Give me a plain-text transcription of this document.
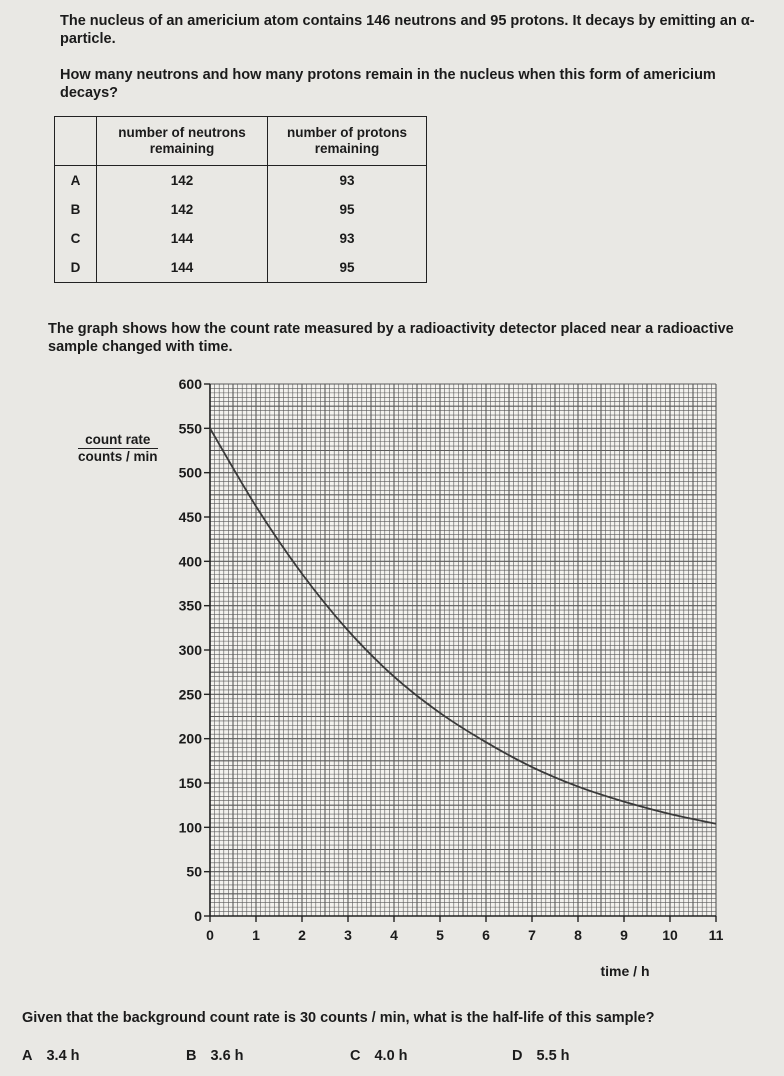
The nucleus of an americium atom contains 146 neutrons and 95 protons. It decays by emitting an α-particle.
How many neutrons and how many protons remain in the nucleus when this form of americium decays?
	number of neutrons remaining	number of protons remaining
A	142	93
B	142	95
C	144	93
D	144	95
The graph shows how the count rate measured by a radioactivity detector placed near a radioactive sample changed with time.
count rate
counts / min
0
50
100
150
200
250
300
350
400
450
500
550
600
0	1	2	3	4	5	6	7	8	9 10 11
time / h
Given that the background count rate is 30 counts / min, what is the half-life of this sample?
A 3.4 h	B 3.6 h	C 4.0 h	D 5.5 h
